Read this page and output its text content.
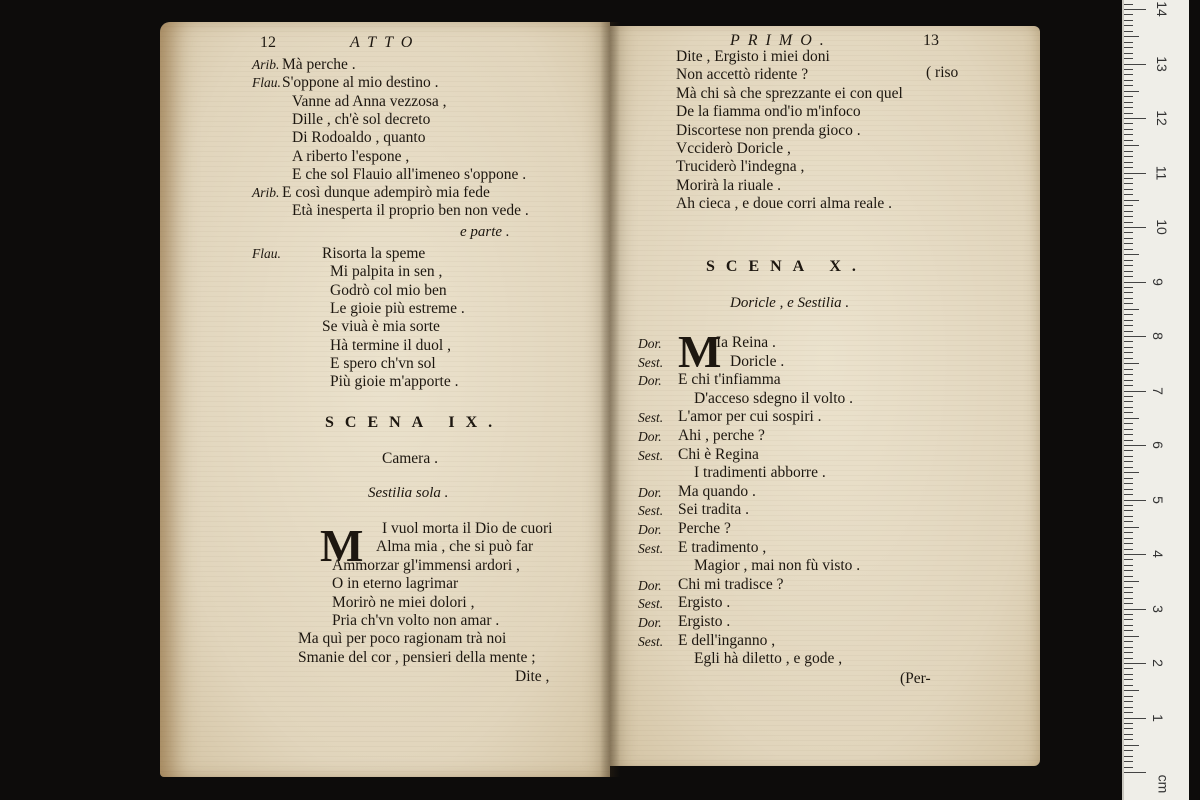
12	ATTO
Arib. Mà perche .
Flau. S'oppone al mio destino .
Vanne ad Anna vezzosa ,
Dille , ch'è sol decreto
Di Rodoaldo , quanto
A riberto l'espone ,
E che sol Flauio all'imeneo s'oppone .
Arib. E così dunque adempirò mia fede
Età inesperta il proprio ben non vede .
e parte .
Flau.	Risorta la speme
Mi palpita in sen ,
Godrò col mio ben
Le gioie più estreme .
Se viuà è mia sorte
Hà termine il duol ,
E spero ch'vn sol
Più gioie m'apporte .
SCENA IX.
Camera .
Sestilia sola .
M I vuol morta il Dio de cuori
Alma mia , che si può far
Ammorzar gl'immensi ardori ,
O in eterno lagrimar
Morirò ne miei dolori ,
Pria ch'vn volto non amar .
Ma quì per poco ragionam trà noi
Smanie del cor , pensieri della mente ;
Dite ,
PRIMO.	13
Dite , Ergisto i miei doni
Non accettò ridente ?	( riso
Mà chi sà che sprezzante ei con quel
De la fiamma ond'io m'infoco
Discortese non prenda gioco .
Vcciderò Doricle ,
Truciderò l'indegna ,
Morirà la riuale .
Ah cieca , e doue corri alma reale .
SCENA X.
Doricle , e Sestilia .
M
Dor.	Ia Reina .
Sest.	Doricle .
Dor. E chi t'infiamma
D'acceso sdegno il volto .
Sest. L'amor per cui sospiri .
Dor. Ahi , perche ?
Sest. Chi è Regina
I tradimenti abborre .
Dor. Ma quando .
Sest. Sei tradita .
Dor. Perche ?
Sest. E tradimento ,
Magior , mai non fù visto .
Dor. Chi mi tradisce ?
Sest. Ergisto .
Dor. Ergisto .
Sest. E dell'inganno ,
Egli hà diletto , e gode ,
(Per-
1
2
3
4
5
6
7
8
9
10
11
12
13
14
cm
